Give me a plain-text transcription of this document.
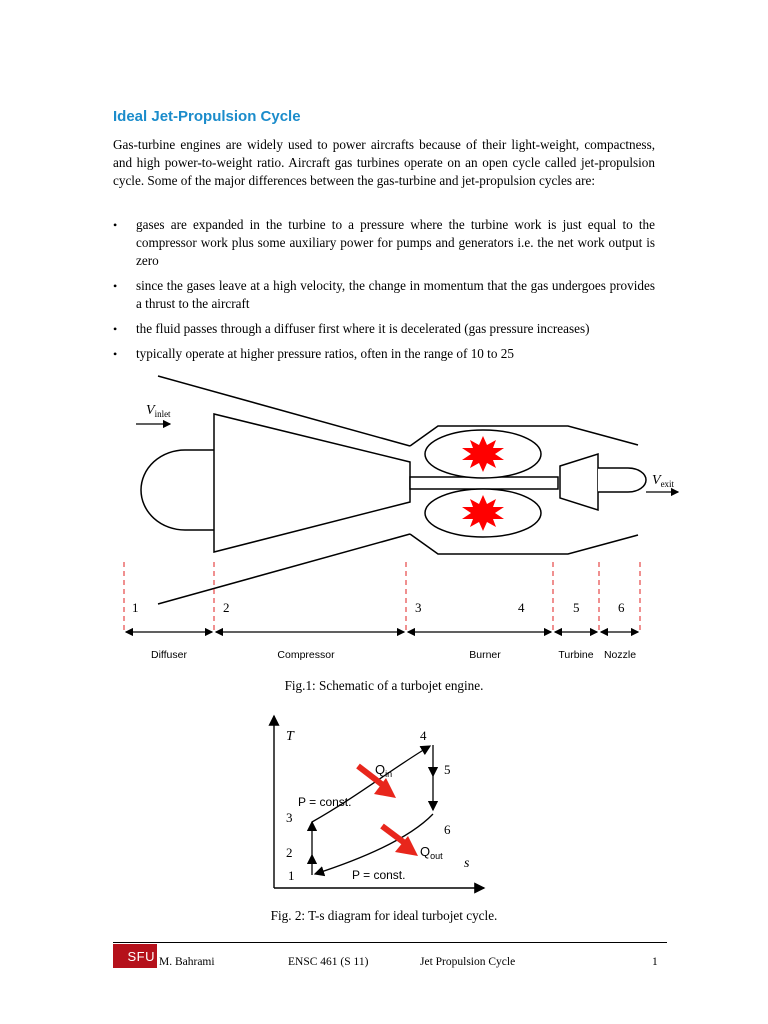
Ideal Jet-Propulsion Cycle

Gas-turbine engines are widely used to power aircrafts because of their light-weight, compactness, and high power-to-weight ratio. Aircraft gas turbines operate on an open cycle called jet-propulsion cycle. Some of the major differences between the gas-turbine and jet-propulsion cycles are:

• gases are expanded in the turbine to a pressure where the turbine work is just equal to the compressor work plus some auxiliary power for pumps and generators i.e. the net work output is zero
• since the gases leave at a high velocity, the change in momentum that the gas undergoes provides a thrust to the aircraft
• the fluid passes through a diffuser first where it is decelerated (gas pressure increases)
• typically operate at higher pressure ratios, often in the range of 10 to 25
$V_{inlet}$
$V_{exit}$
1	2	3	4	5	6
Diffuser	Compressor	Burner	Turbine Nozzle
Fig.1: Schematic of a turbojet engine.
T
s
1
2
3
4
5
6
$Q_{in}$
$Q_{out}$
P = const.
P = const.
Fig. 2: T-s diagram for ideal turbojet cycle.
SFU M. Bahrami	ENSC 461 (S 11)	Jet Propulsion Cycle	1
